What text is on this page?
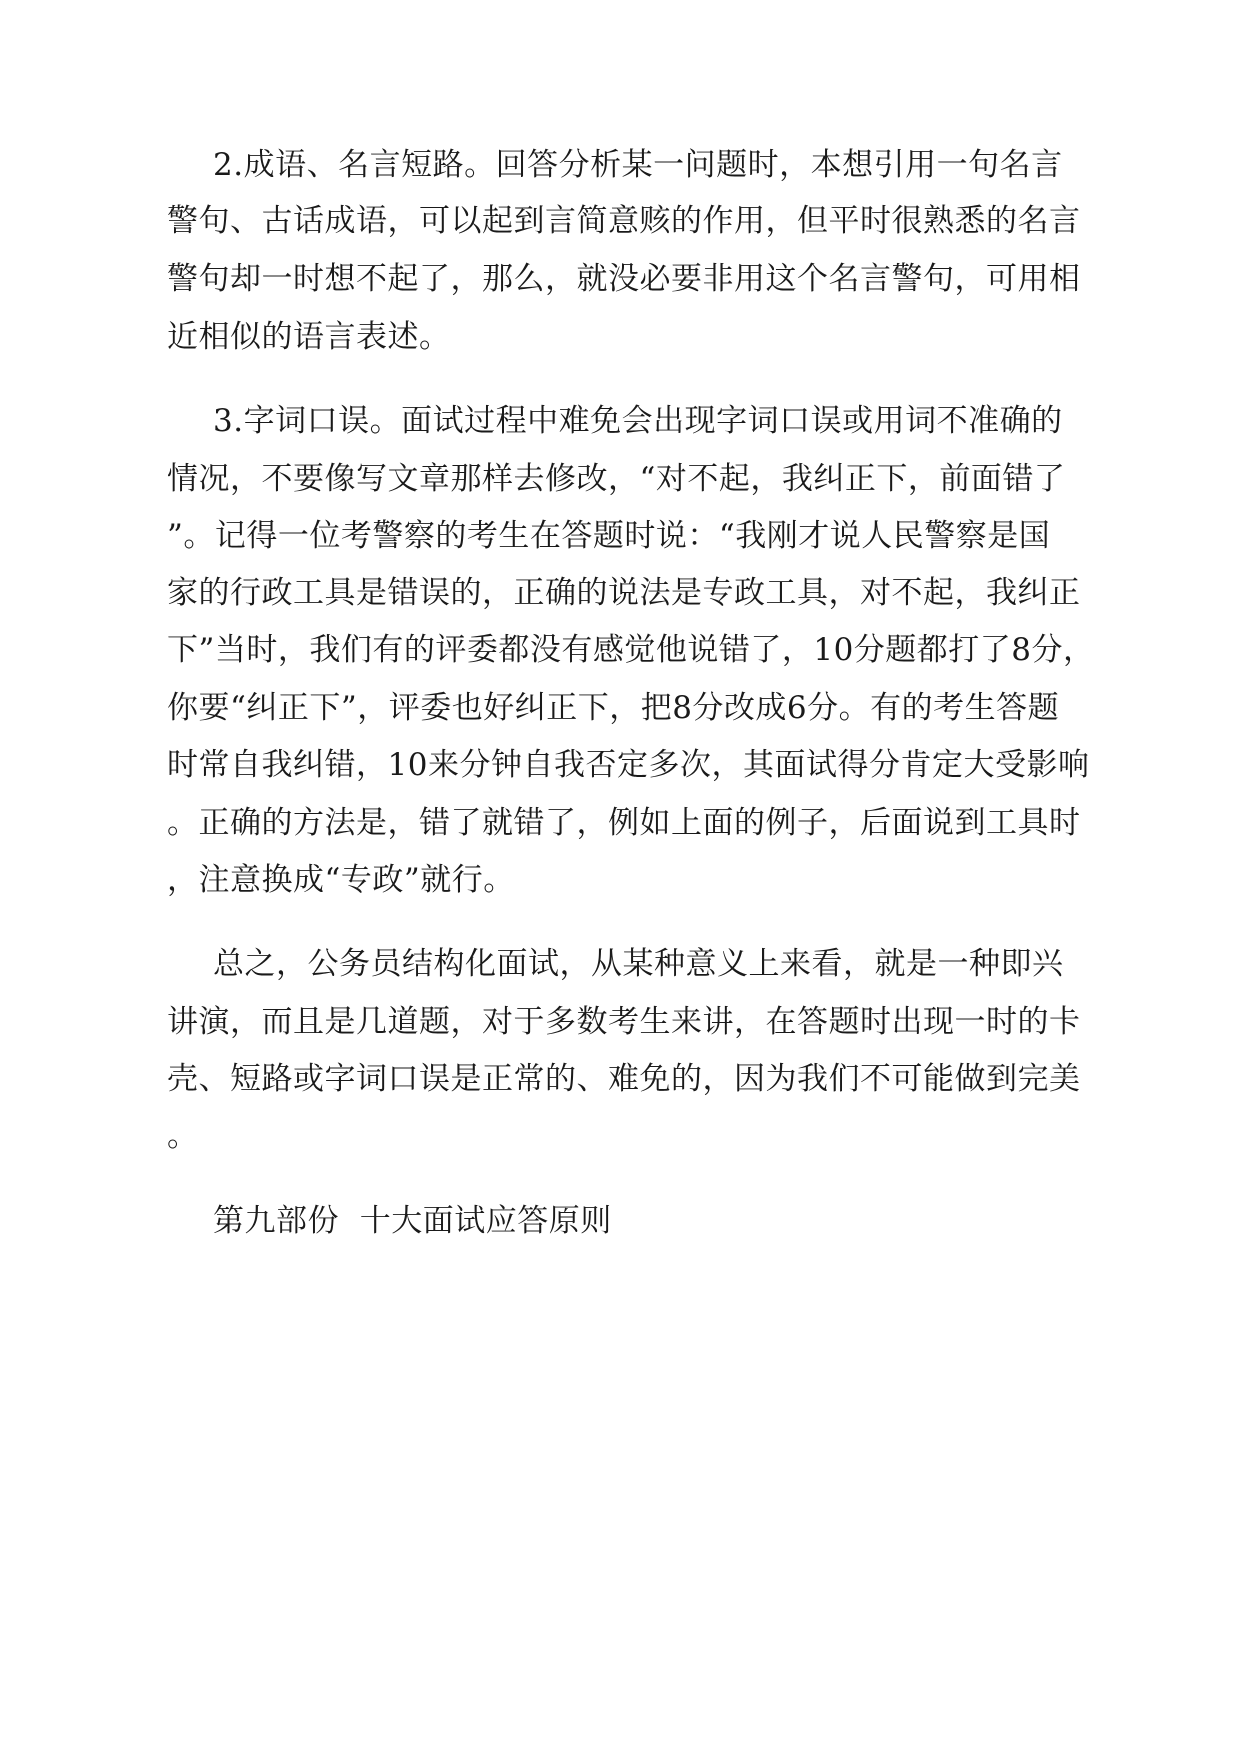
2.成语、名言短路。回答分析某一问题时，本想引用一句名言
警句、古话成语，可以起到言简意赅的作用，但平时很熟悉的名言
警句却一时想不起了，那么，就没必要非用这个名言警句，可用相
近相似的语言表述。
3.字词口误。面试过程中难免会出现字词口误或用词不准确的
情况，不要像写文章那样去修改，“对不起，我纠正下，前面错了
”。记得一位考警察的考生在答题时说：“我刚才说人民警察是国
家的行政工具是错误的，正确的说法是专政工具，对不起，我纠正
下”当时，我们有的评委都没有感觉他说错了，10分题都打了8分，
你要“纠正下”，评委也好纠正下，把8分改成6分。有的考生答题
时常自我纠错，10来分钟自我否定多次，其面试得分肯定大受影响
。正确的方法是，错了就错了，例如上面的例子，后面说到工具时
，注意换成“专政”就行。
总之，公务员结构化面试，从某种意义上来看，就是一种即兴
讲演，而且是几道题，对于多数考生来讲，在答题时出现一时的卡
壳、短路或字词口误是正常的、难免的，因为我们不可能做到完美
。
第九部份  十大面试应答原则
